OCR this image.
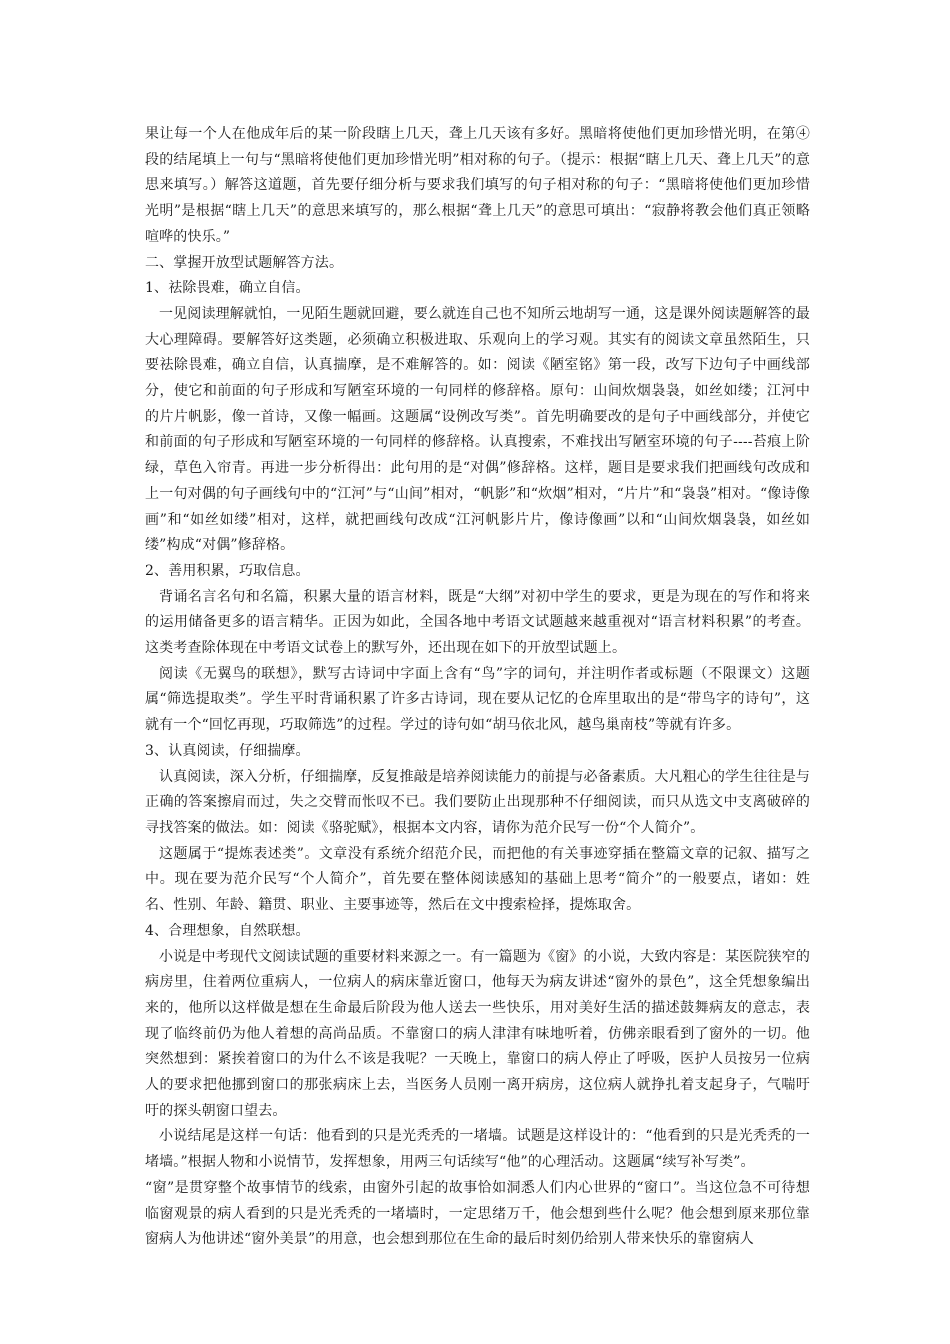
果让每一个人在他成年后的某一阶段瞎上几天，聋上几天该有多好。黑暗将使他们更加珍惜光明，在第④段的结尾填上一句与“黑暗将使他们更加珍惜光明”相对称的句子。（提示：根据“瞎上几天、聋上几天”的意思来填写。）解答这道题，首先要仔细分析与要求我们填写的句子相对称的句子：“黑暗将使他们更加珍惜光明”是根据“瞎上几天”的意思来填写的，那么根据“聋上几天”的意思可填出：“寂静将教会他们真正领略喧哗的快乐。”

二、掌握开放型试题解答方法。

1、祛除畏难，确立自信。

一见阅读理解就怕，一见陌生题就回避，要么就连自己也不知所云地胡写一通，这是课外阅读题解答的最大心理障碍。要解答好这类题，必须确立积极进取、乐观向上的学习观。其实有的阅读文章虽然陌生，只要祛除畏难，确立自信，认真揣摩，是不难解答的。如：阅读《陋室铭》第一段，改写下边句子中画线部分，使它和前面的句子形成和写陋室环境的一句同样的修辞格。原句：山间炊烟袅袅，如丝如缕；江河中的片片帆影，像一首诗，又像一幅画。这题属“设例改写类”。首先明确要改的是句子中画线部分，并使它和前面的句子形成和写陋室环境的一句同样的修辞格。认真搜索，不难找出写陋室环境的句子----苔痕上阶绿，草色入帘青。再进一步分析得出：此句用的是“对偶”修辞格。这样，题目是要求我们把画线句改成和上一句对偶的句子画线句中的“江河”与“山间”相对，“帆影”和“炊烟”相对，“片片”和“袅袅”相对。“像诗像画”和“如丝如缕”相对，这样，就把画线句改成“江河帆影片片，像诗像画”以和“山间炊烟袅袅，如丝如缕”构成“对偶”修辞格。

2、善用积累，巧取信息。

背诵名言名句和名篇，积累大量的语言材料，既是“大纲”对初中学生的要求，更是为现在的写作和将来的运用储备更多的语言精华。正因为如此，全国各地中考语文试题越来越重视对“语言材料积累”的考查。这类考查除体现在中考语文试卷上的默写外，还出现在如下的开放型试题上。

阅读《无翼鸟的联想》，默写古诗词中字面上含有“鸟”字的词句，并注明作者或标题（不限课文）这题属“筛选提取类”。学生平时背诵积累了许多古诗词，现在要从记忆的仓库里取出的是“带鸟字的诗句”，这就有一个“回忆再现，巧取筛选”的过程。学过的诗句如“胡马依北风，越鸟巢南枝”等就有许多。

3、认真阅读，仔细揣摩。

认真阅读，深入分析，仔细揣摩，反复推敲是培养阅读能力的前提与必备素质。大凡粗心的学生往往是与正确的答案擦肩而过，失之交臂而怅叹不已。我们要防止出现那种不仔细阅读，而只从选文中支离破碎的寻找答案的做法。如：阅读《骆驼赋》，根据本文内容，请你为范介民写一份“个人简介”。

这题属于“提炼表述类”。文章没有系统介绍范介民，而把他的有关事迹穿插在整篇文章的记叙、描写之中。现在要为范介民写“个人简介”，首先要在整体阅读感知的基础上思考“简介”的一般要点，诸如：姓名、性别、年龄、籍贯、职业、主要事迹等，然后在文中搜索检择，提炼取舍。

4、合理想象，自然联想。

小说是中考现代文阅读试题的重要材料来源之一。有一篇题为《窗》的小说，大致内容是：某医院狭窄的病房里，住着两位重病人，一位病人的病床靠近窗口，他每天为病友讲述“窗外的景色”，这全凭想象编出来的，他所以这样做是想在生命最后阶段为他人送去一些快乐，用对美好生活的描述鼓舞病友的意志，表现了临终前仍为他人着想的高尚品质。不靠窗口的病人津津有味地听着，仿佛亲眼看到了窗外的一切。他突然想到：紧挨着窗口的为什么不该是我呢？一天晚上，靠窗口的病人停止了呼吸，医护人员按另一位病人的要求把他挪到窗口的那张病床上去，当医务人员刚一离开病房，这位病人就挣扎着支起身子，气喘吁吁的探头朝窗口望去。

小说结尾是这样一句话：他看到的只是光秃秃的一堵墙。试题是这样设计的：“他看到的只是光秃秃的一堵墙。”根据人物和小说情节，发挥想象，用两三句话续写“他”的心理活动。这题属“续写补写类”。

“窗”是贯穿整个故事情节的线索，由窗外引起的故事恰如洞悉人们内心世界的“窗口”。当这位急不可待想临窗观景的病人看到的只是光秃秃的一堵墙时，一定思绪万千，他会想到些什么呢？他会想到原来那位靠窗病人为他讲述“窗外美景”的用意，也会想到那位在生命的最后时刻仍给别人带来快乐的靠窗病人
